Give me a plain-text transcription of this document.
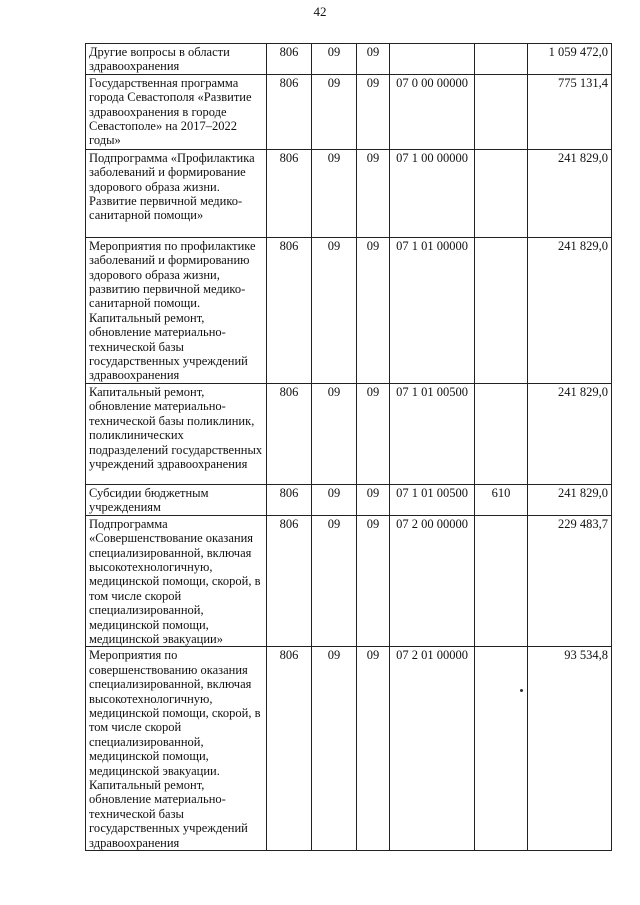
42
Другие вопросы в области здравоохранения	806	09	09			1 059 472,0
Государственная программа города Севастополя «Развитие здравоохранения в городе Севастополе» на 2017–2022 годы»	806	09	09	07 0 00 00000		775 131,4
Подпрограмма «Профилактика заболеваний и формирование здорового образа жизни. Развитие первичной медико-санитарной помощи»	806	09	09	07 1 00 00000		241 829,0
Мероприятия по профилактике заболеваний и формированию здорового образа жизни, развитию первичной медико-санитарной помощи. Капитальный ремонт, обновление материально-технической базы государственных учреждений здравоохранения	806	09	09	07 1 01 00000		241 829,0
Капитальный ремонт, обновление материально-технической базы поликлиник, поликлинических подразделений государственных учреждений здравоохранения	806	09	09	07 1 01 00500		241 829,0
Субсидии бюджетным учреждениям	806	09	09	07 1 01 00500	610	241 829,0
Подпрограмма «Совершенствование оказания специализированной, включая высокотехнологичную, медицинской помощи, скорой, в том числе скорой специализированной, медицинской помощи, медицинской эвакуации»	806	09	09	07 2 00 00000		229 483,7
Мероприятия по совершенствованию оказания специализированной, включая высокотехнологичную, медицинской помощи, скорой, в том числе скорой специализированной, медицинской помощи, медицинской эвакуации. Капитальный ремонт, обновление материально-технической базы государственных учреждений здравоохранения	806	09	09	07 2 01 00000		93 534,8
